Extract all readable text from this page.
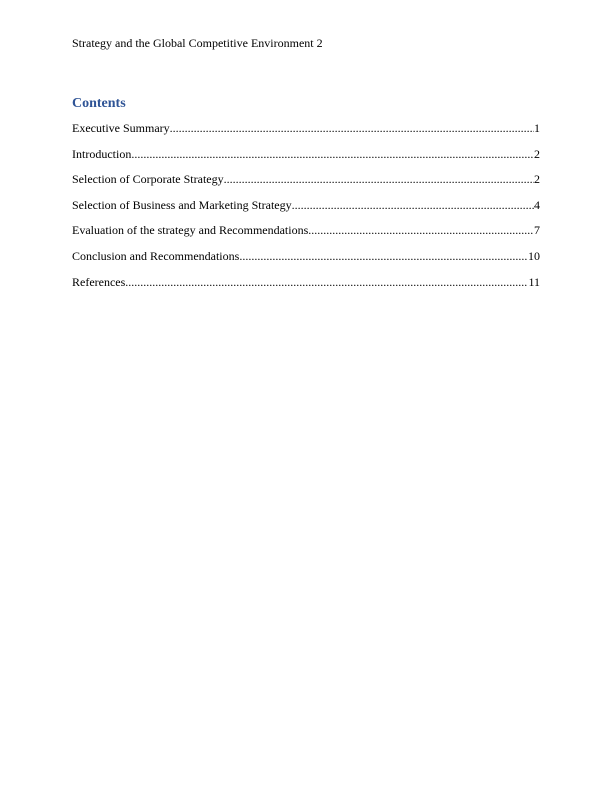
Strategy and the Global Competitive Environment 2
Contents
Executive Summary .....	1
Introduction .....	2
Selection of Corporate Strategy .....	2
Selection of Business and Marketing Strategy .....	4
Evaluation of the strategy and Recommendations .....	7
Conclusion and Recommendations .....	10
References .....	11
